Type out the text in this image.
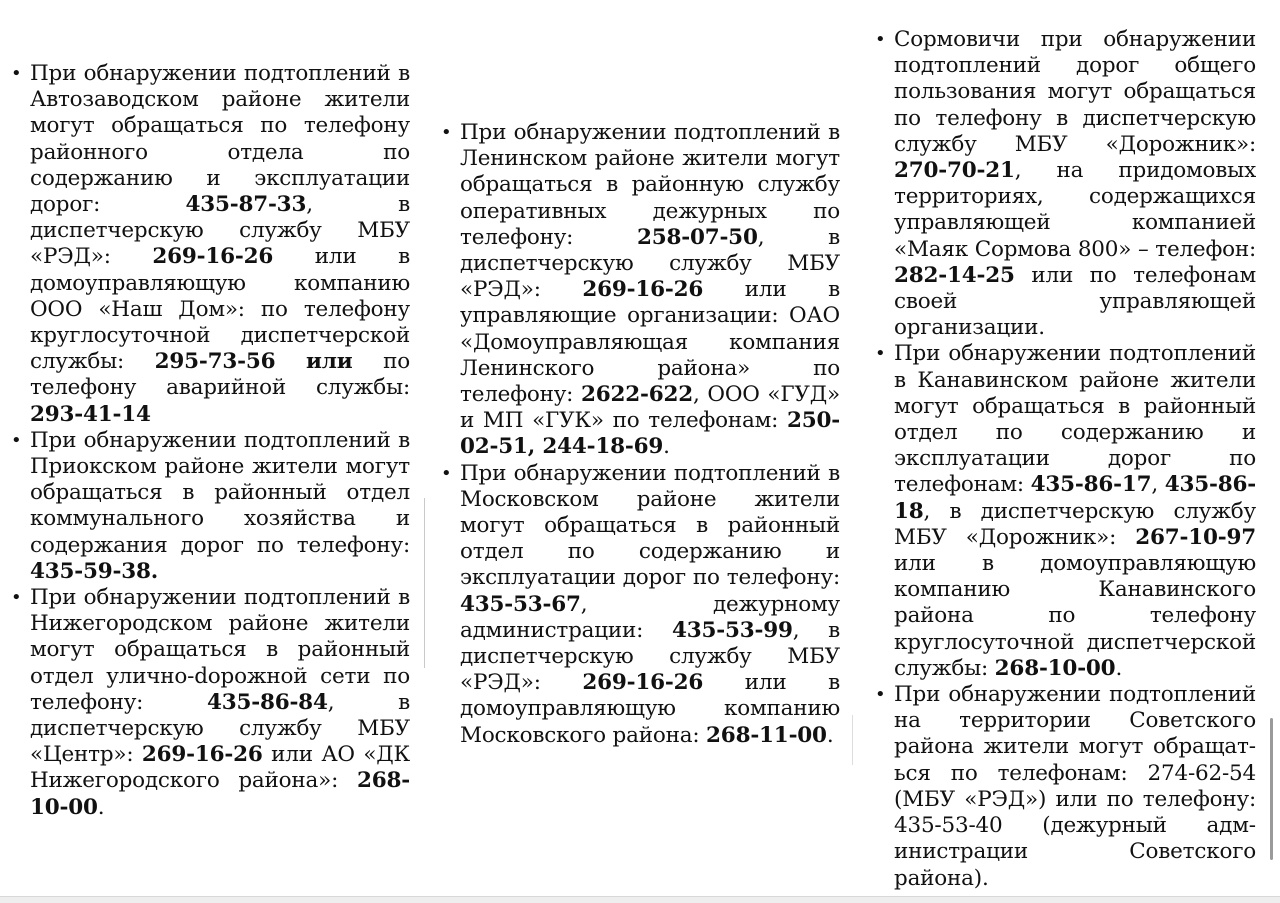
• При обнаружении подтоплений в Автозаводском районе жители могут обращаться по телефону районного отдела по содержанию и эксплуатации дорог: 435-87-33, в диспетчерскую службу МБУ «РЭД»: 269-16-26 или в домоуправляющую компанию ООО «Наш Дом»: по телефону круглосуточной диспетчерской службы: 295-73-56 или по телефону аварийной службы: 293-41-14
• При обнаружении подтоплений в Приокском районе жители могут обращаться в районный отдел коммунального хозяйства и содержания дорог по телефону: 435-59-38.
• При обнаружении подтоплений в Нижегородском районе жители могут обращаться в районный отдел улично-dорожной сети по телефону: 435-86-84, в диспетчерскую службу МБУ «Центр»: 269-16-26 или АО «ДК Нижегородского района»: 268-10-00.
• При обнаружении подтоплений в Ленинском районе жители могут обращаться в районную службу оперативных дежурных по телефону: 258-07-50, в диспетчерскую службу МБУ «РЭД»: 269-16-26 или в управляющие организации: ОАО «Домоуправляющая компания Ленинского района» по телефону: 2622-622, ООО «ГУД» и МП «ГУК» по телефонам: 250-02-51, 244-18-69.
• При обнаружении подтоплений в Московском районе жители могут обращаться в районный отдел по содержанию и эксплуатации дорог по телефону: 435-53-67, дежурному администрации: 435-53-99, в диспетчерскую службу МБУ «РЭД»: 269-16-26 или в домоуправляющую компанию Московского района: 268-11-00.
• Сормовичи при обнаружении подтоплений дорог общего пользования могут обращаться по телефону в диспетчерскую службу МБУ «Дорожник»: 270-70-21, на придомовых территориях, содержащихся управляющей компанией «Маяк Сормова 800» – телефон: 282-14-25 или по телефонам своей управляющей организации.
• При обнаружении подтоплений в Канавинском районе жители могут обращаться в районный отдел по содержанию и эксплуатации дорог по телефонам: 435-86-17, 435-86-18, в диспетчерскую службу МБУ «Дорожник»: 267-10-97 или в домоуправляющую компанию Канавинского района по телефону круглосуточной диспетчерской службы: 268-10-00.
• При обнаружении подтоплений на территории Советского района жители могут обращаться по телефонам: 274-62-54 (МБУ «РЭД») или по телефону: 435-53-40 (дежурный администрации Советского района).
